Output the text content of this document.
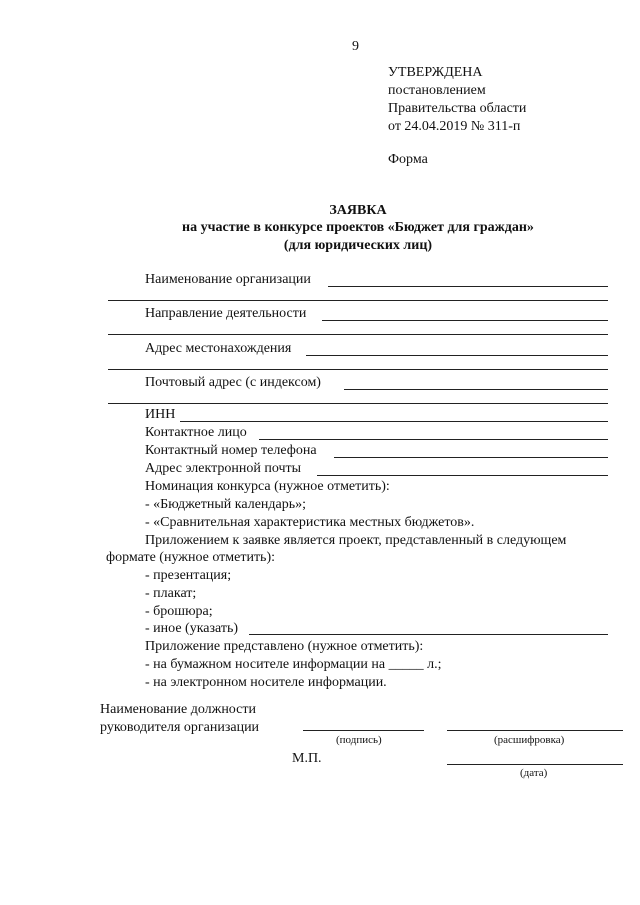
9
УТВЕРЖДЕНА
постановлением
Правительства области
от 24.04.2019 № 311-п
Форма
ЗАЯВКА
на участие в конкурсе проектов «Бюджет для граждан»
(для юридических лиц)
Наименование организации
Направление деятельности
Адрес местонахождения
Почтовый адрес (с индексом)
ИНН
Контактное лицо
Контактный номер телефона
Адрес электронной почты
Номинация конкурса (нужное отметить):
- «Бюджетный календарь»;
- «Сравнительная характеристика местных бюджетов».
Приложением к заявке является проект, представленный в следующем
формате (нужное отметить):
- презентация;
- плакат;
- брошюра;
- иное (указать)
Приложение представлено (нужное отметить):
- на бумажном носителе информации на _____ л.;
- на электронном носителе информации.
Наименование должности
руководителя организации
(подпись)	(расшифровка)
М.П.
(дата)
